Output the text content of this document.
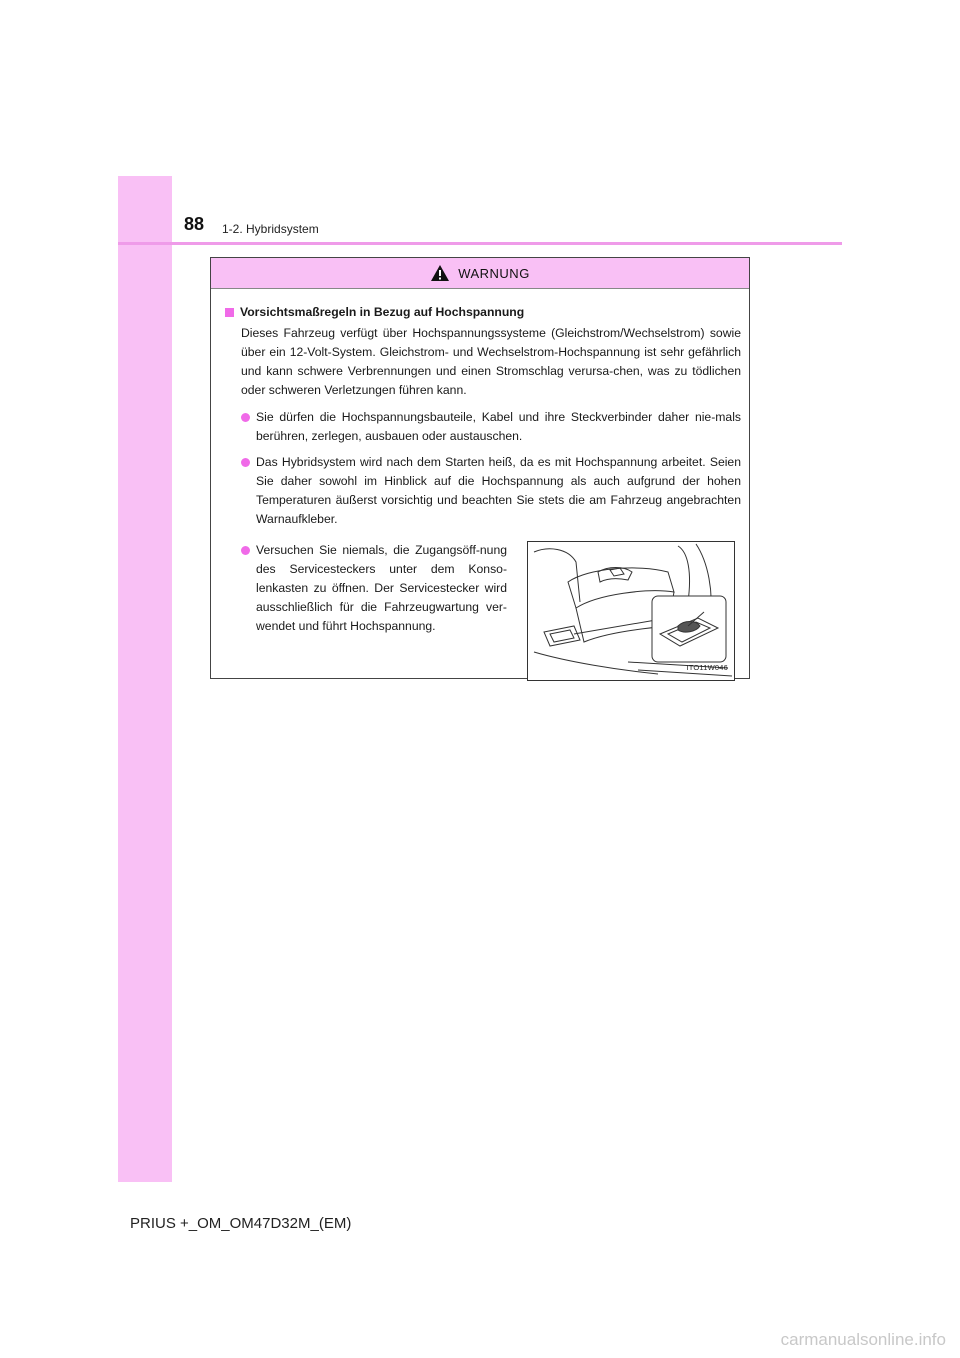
88 1-2. Hybridsystem
WARNUNG
Vorsichtsmaßregeln in Bezug auf Hochspannung

Dieses Fahrzeug verfügt über Hochspannungssysteme (Gleichstrom/Wechselstrom) sowie über ein 12-Volt-System. Gleichstrom- und Wechselstrom-Hochspannung ist sehr gefährlich und kann schwere Verbrennungen und einen Stromschlag verursa-chen, was zu tödlichen oder schweren Verletzungen führen kann.

Sie dürfen die Hochspannungsbauteile, Kabel und ihre Steckverbinder daher nie-mals berühren, zerlegen, ausbauen oder austauschen.
Das Hybridsystem wird nach dem Starten heiß, da es mit Hochspannung arbeitet. Seien Sie daher sowohl im Hinblick auf die Hochspannung als auch aufgrund der hohen Temperaturen äußerst vorsichtig und beachten Sie stets die am Fahrzeug angebrachten Warnaufkleber.
Versuchen Sie niemals, die Zugangsöff-nung des Servicesteckers unter dem Konso-lenkasten zu öffnen. Der Servicestecker wird ausschließlich für die Fahrzeugwartung ver-wendet und führt Hochspannung.
ITO11W046
PRIUS +_OM_OM47D32M_(EM)
carmanualsonline.info
